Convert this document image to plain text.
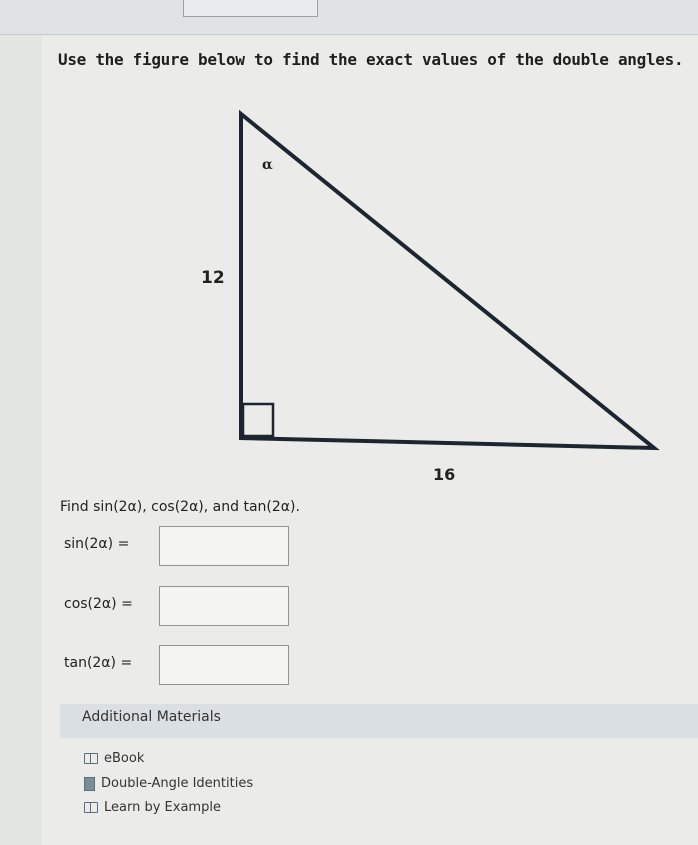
Use the figure below to find the exact values of the double angles.
α
12
16
Find sin(2α), cos(2α), and tan(2α).
sin(2α) =
cos(2α) =
tan(2α) =
Additional Materials
eBook
Double-Angle Identities
Learn by Example
